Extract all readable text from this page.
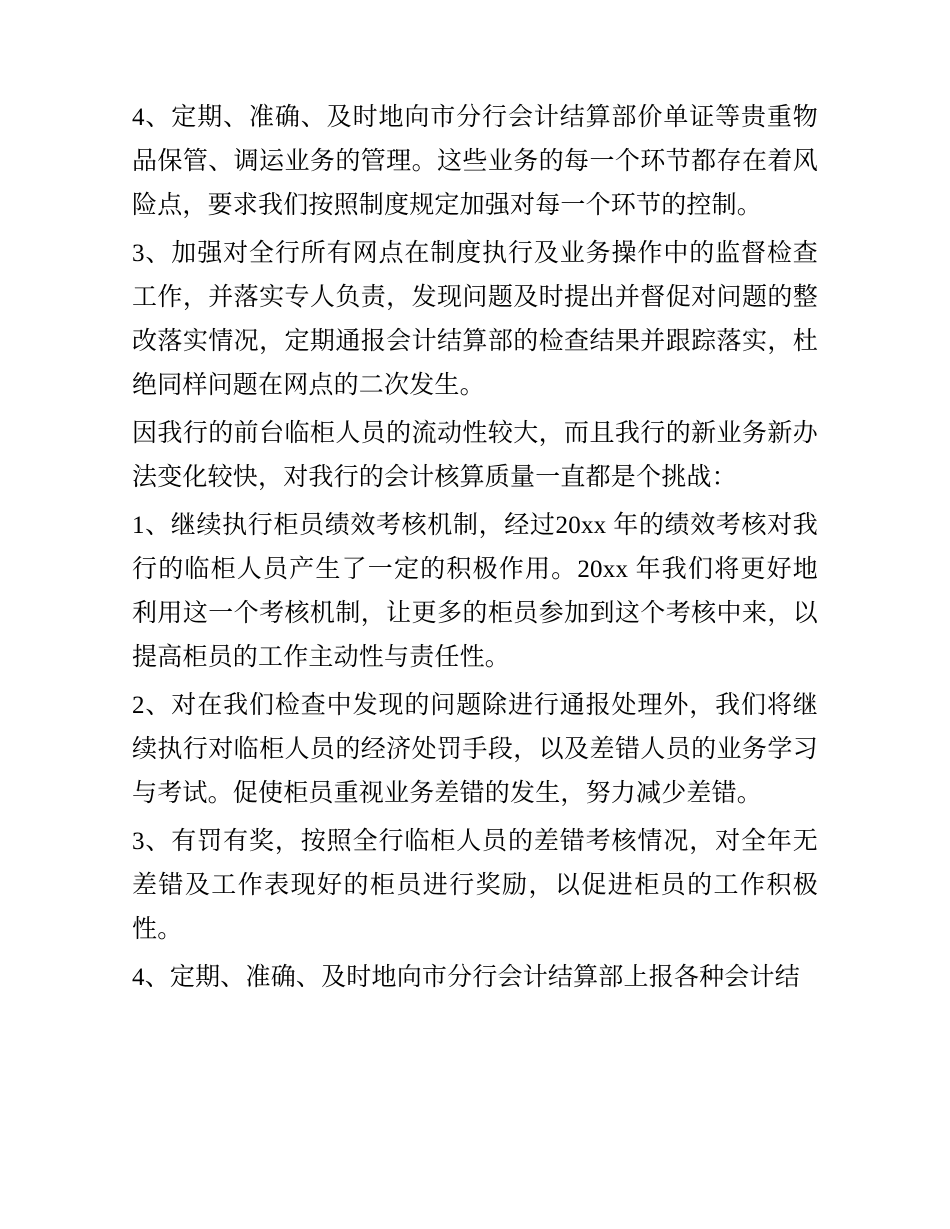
4、定期、准确、及时地向市分行会计结算部价单证等贵重物品保管、调运业务的管理。这些业务的每一个环节都存在着风险点，要求我们按照制度规定加强对每一个环节的控制。

3、加强对全行所有网点在制度执行及业务操作中的监督检查工作，并落实专人负责，发现问题及时提出并督促对问题的整改落实情况，定期通报会计结算部的检查结果并跟踪落实，杜绝同样问题在网点的二次发生。

因我行的前台临柜人员的流动性较大，而且我行的新业务新办法变化较快，对我行的会计核算质量一直都是个挑战：

1、继续执行柜员绩效考核机制，经过20xx 年的绩效考核对我行的临柜人员产生了一定的积极作用。20xx 年我们将更好地利用这一个考核机制，让更多的柜员参加到这个考核中来，以提高柜员的工作主动性与责任性。

2、对在我们检查中发现的问题除进行通报处理外，我们将继续执行对临柜人员的经济处罚手段，以及差错人员的业务学习与考试。促使柜员重视业务差错的发生，努力减少差错。

3、有罚有奖，按照全行临柜人员的差错考核情况，对全年无差错及工作表现好的柜员进行奖励，以促进柜员的工作积极性。

4、定期、准确、及时地向市分行会计结算部上报各种会计结
